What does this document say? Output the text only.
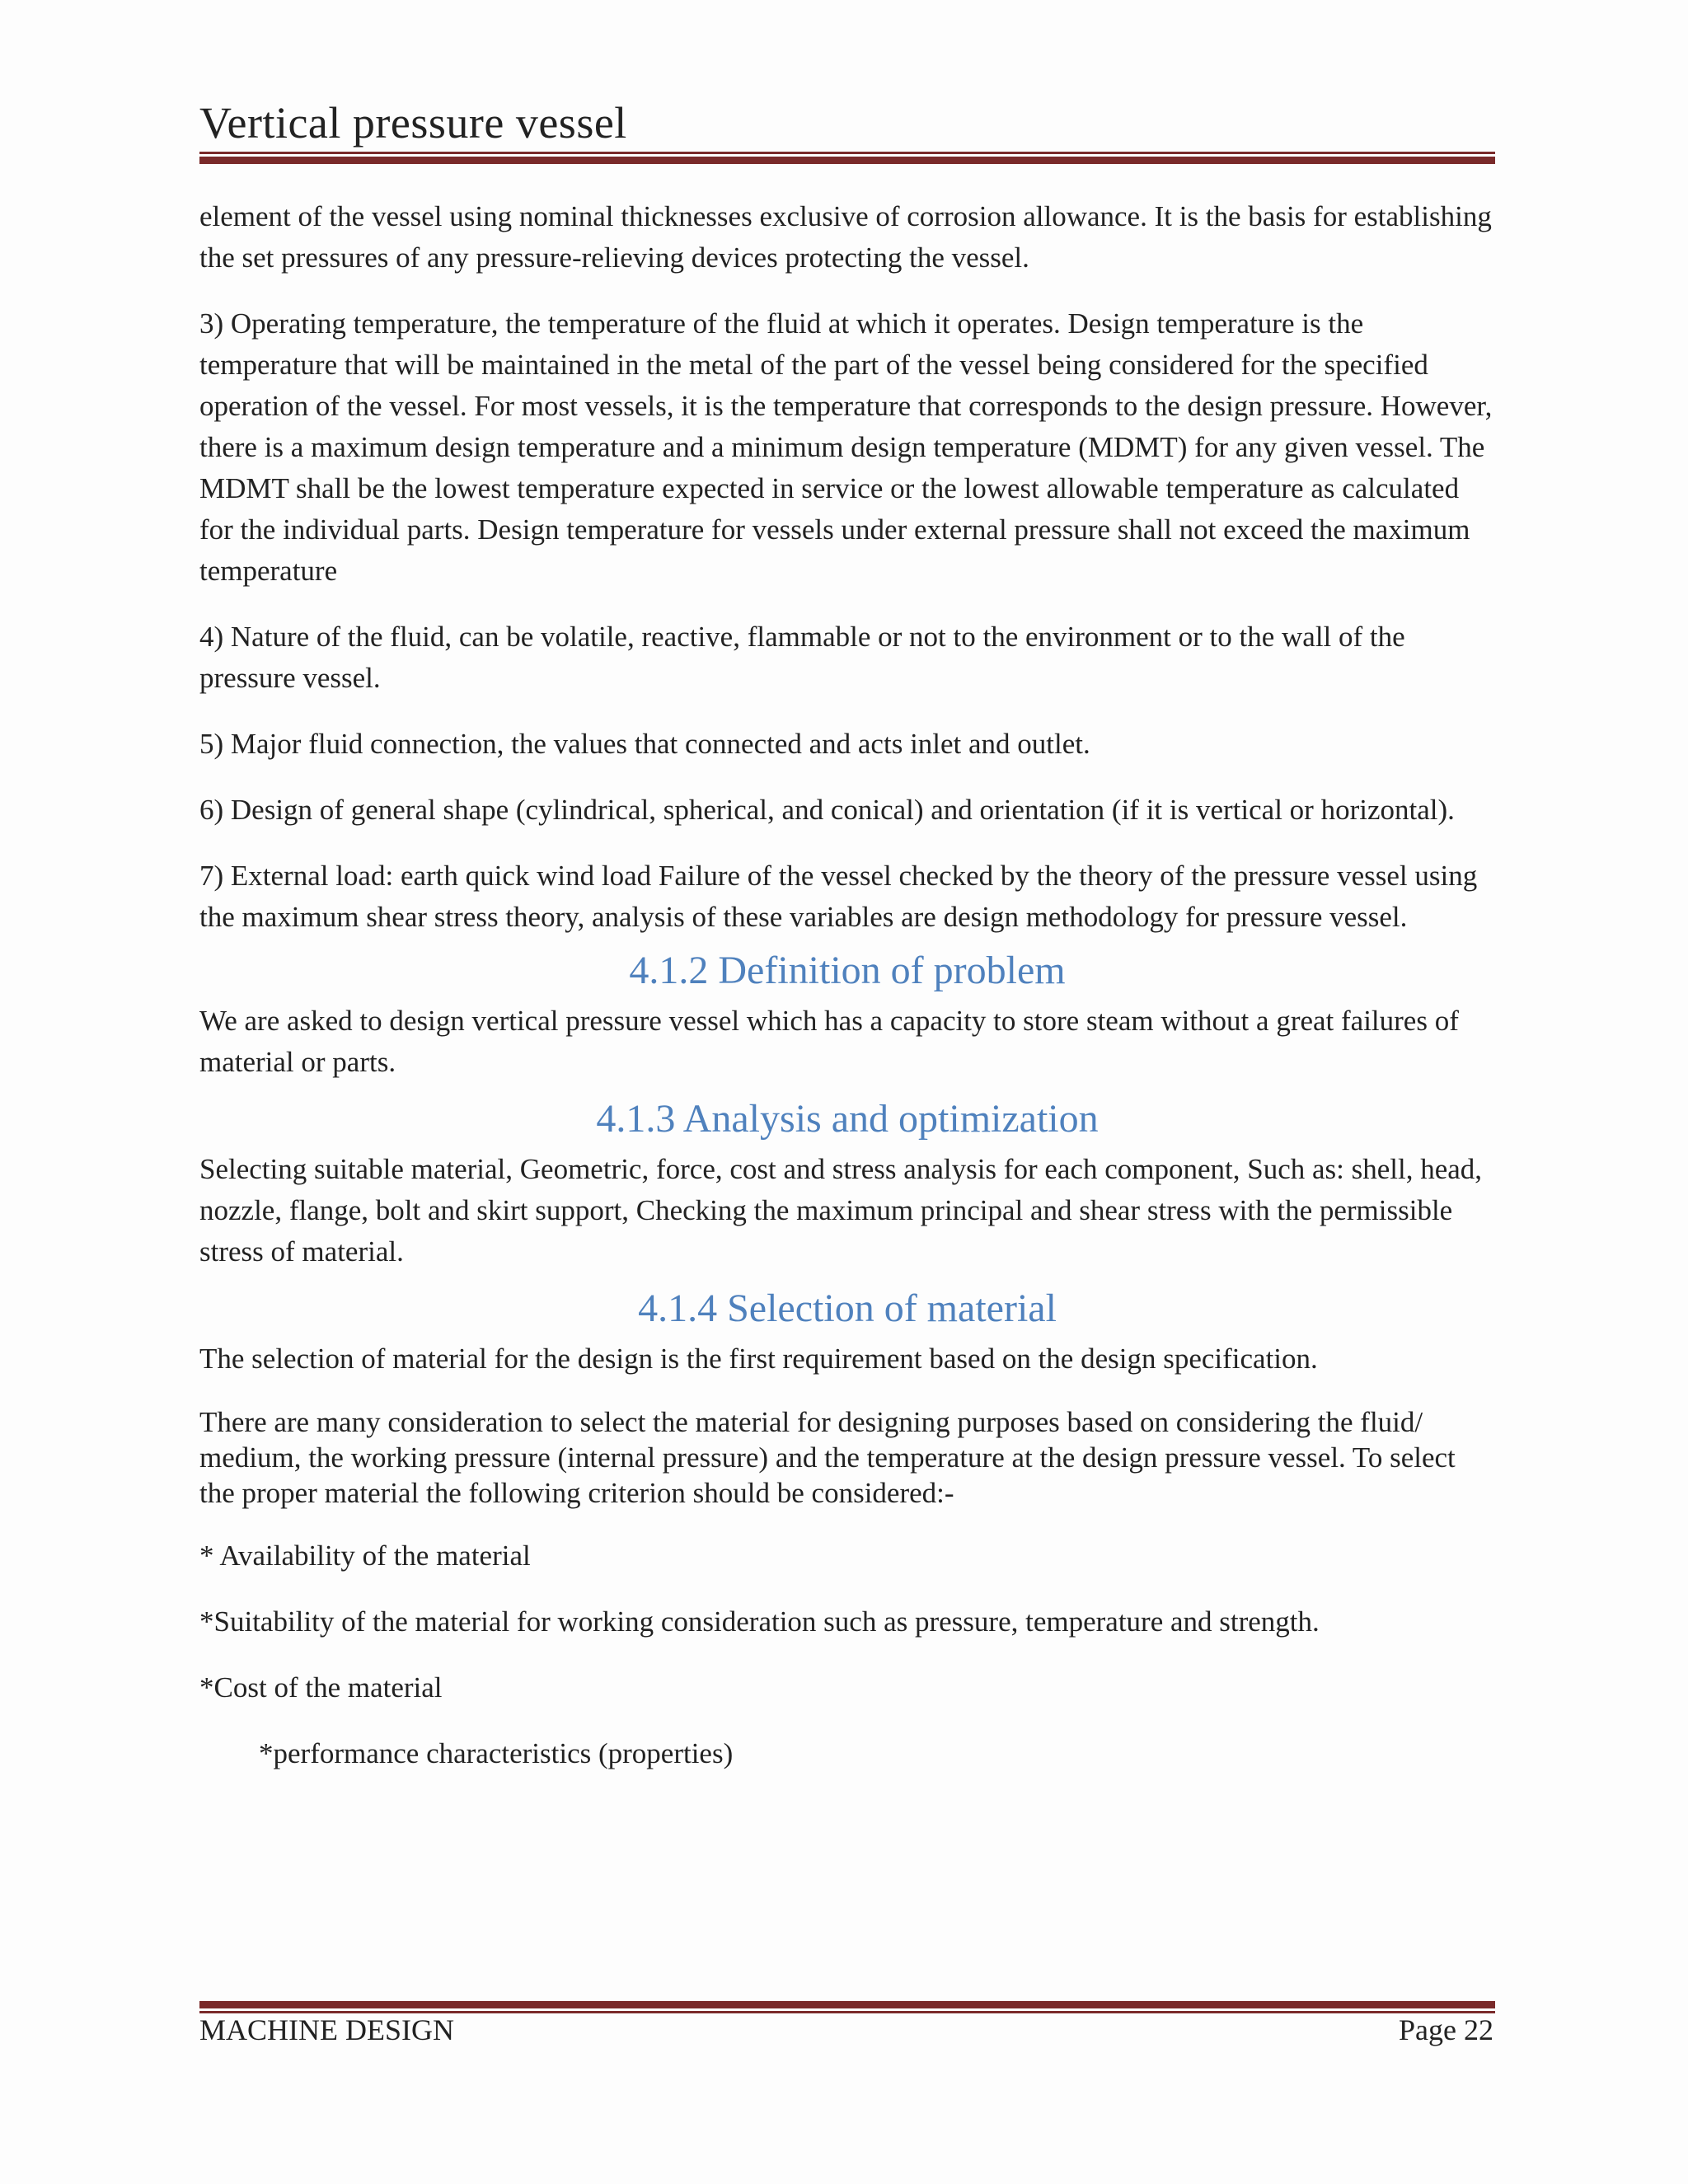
Vertical pressure vessel

element of the vessel using nominal thicknesses exclusive of corrosion allowance. It is the basis for establishing the set pressures of any pressure-relieving devices protecting the vessel.

3) Operating temperature, the temperature of the fluid at which it operates. Design temperature is the temperature that will be maintained in the metal of the part of the vessel being considered for the specified operation of the vessel. For most vessels, it is the temperature that corresponds to the design pressure. However, there is a maximum design temperature and a minimum design temperature (MDMT) for any given vessel. The MDMT shall be the lowest temperature expected in service or the lowest allowable temperature as calculated for the individual parts. Design temperature for vessels under external pressure shall not exceed the maximum temperature

4) Nature of the fluid, can be volatile, reactive, flammable or not to the environment or to the wall of the pressure vessel.

5) Major fluid connection, the values that connected and acts inlet and outlet.

6) Design of general shape (cylindrical, spherical, and conical) and orientation (if it is vertical or horizontal).

7) External load: earth quick wind load Failure of the vessel checked by the theory of the pressure vessel using the maximum shear stress theory, analysis of these variables are design methodology for pressure vessel.

4.1.2 Definition of problem

We are asked to design vertical pressure vessel which has a capacity to store steam without a great failures of material or parts.

4.1.3 Analysis and optimization

Selecting suitable material, Geometric, force, cost and stress analysis for each component, Such as: shell, head, nozzle, flange, bolt and skirt support, Checking the maximum principal and shear stress with the permissible stress of material.

4.1.4 Selection of material

The selection of material for the design is the first requirement based on the design specification.

There are many consideration to select the material for designing purposes based on considering the fluid/ medium, the working pressure (internal pressure) and the temperature at the design pressure vessel. To select the proper material the following criterion should be considered:-

* Availability of the material

*Suitability of the material for working consideration such as pressure, temperature and strength.

*Cost of the material

*performance characteristics (properties)

MACHINE DESIGN	Page 22
